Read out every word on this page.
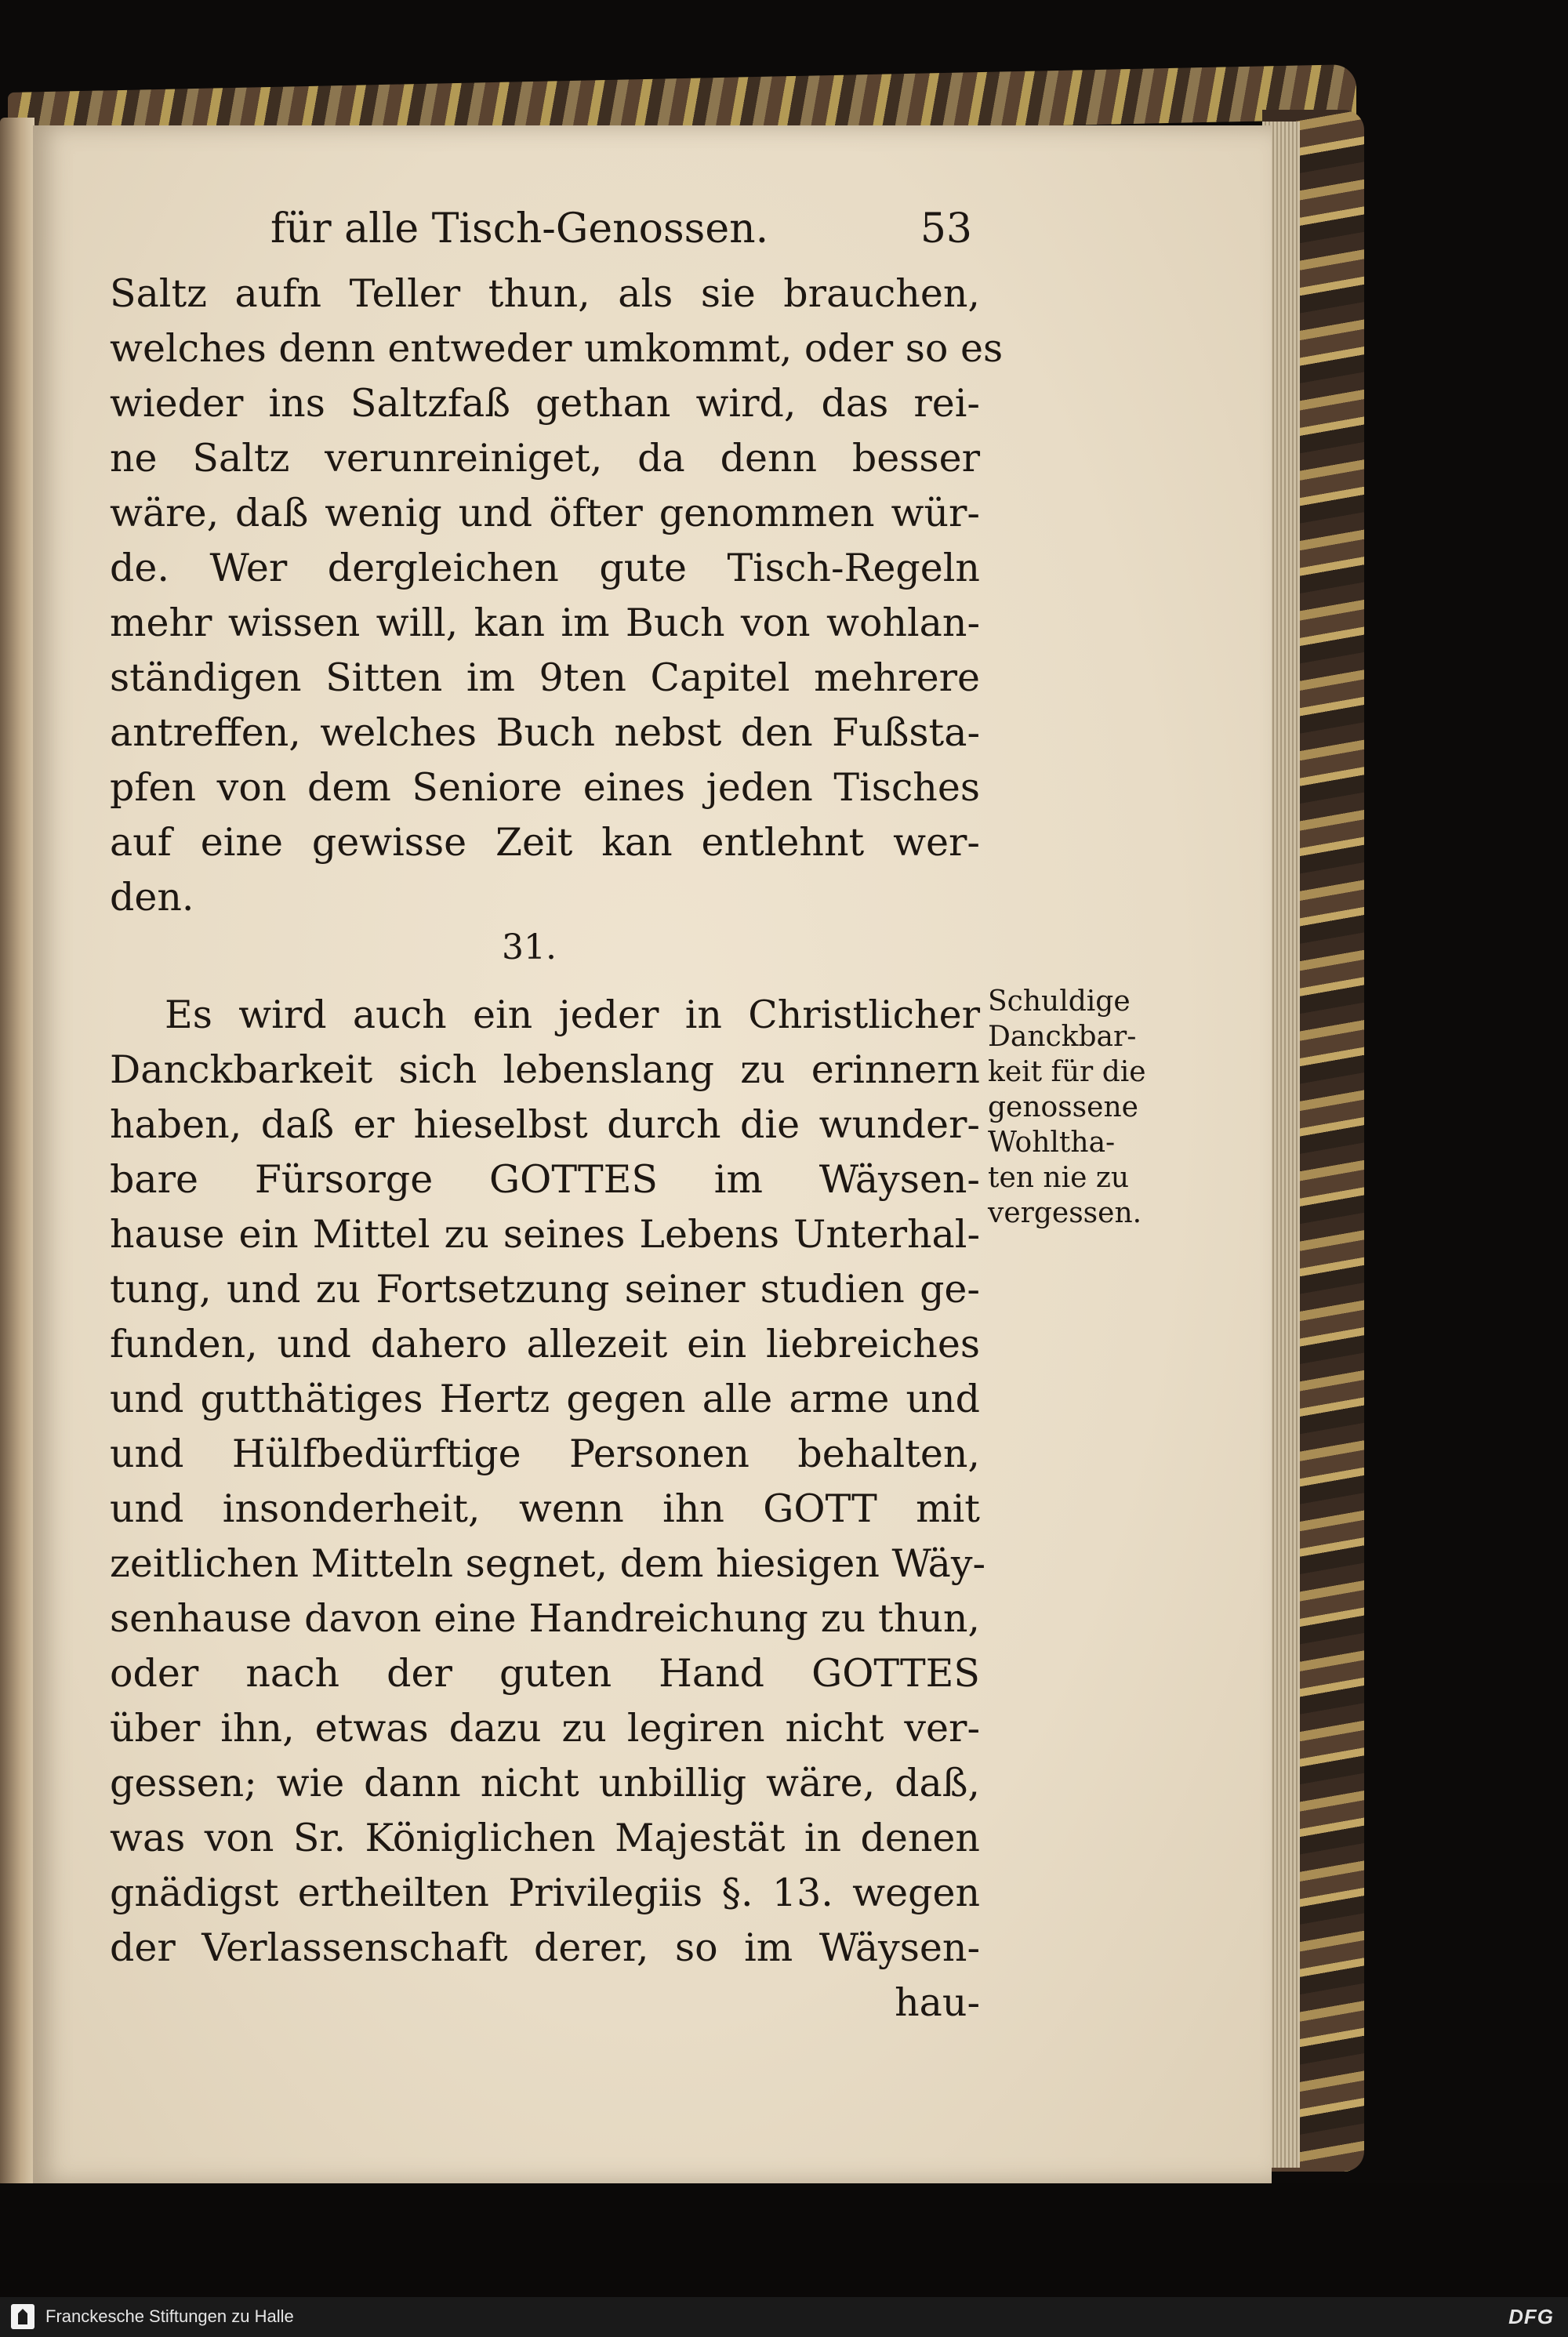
für alle Tisch-Genossen.	53
Saltz aufn Teller thun, als sie brauchen,
welches denn entweder umkommt, oder so es
wieder ins Saltzfaß gethan wird, das rei-
ne Saltz verunreiniget, da denn besser
wäre, daß wenig und öfter genommen wür-
de. Wer dergleichen gute Tisch-Regeln
mehr wissen will, kan im Buch von wohlan-
ständigen Sitten im 9ten Capitel mehrere
antreffen, welches Buch nebst den Fußsta-
pfen von dem Seniore eines jeden Tisches
auf eine gewisse Zeit kan entlehnt wer-
den.
Es wird auch ein jeder in Christlicher
Danckbarkeit sich lebenslang zu erinnern
haben, daß er hieselbst durch die wunder-
bare Fürsorge GOTTES im Wäysen-
hause ein Mittel zu seines Lebens Unterhal-
tung, und zu Fortsetzung seiner studien ge-
funden, und dahero allezeit ein liebreiches
und gutthätiges Hertz gegen alle arme und
und Hülfbedürftige Personen behalten,
und insonderheit, wenn ihn GOTT mit
zeitlichen Mitteln segnet, dem hiesigen Wäy-
senhause davon eine Handreichung zu thun,
oder nach der guten Hand GOTTES
über ihn, etwas dazu zu legiren nicht ver-
gessen; wie dann nicht unbillig wäre, daß,
was von Sr. Königlichen Majestät in denen
gnädigst ertheilten Privilegiis §. 13. wegen
der Verlassenschaft derer, so im Wäysen-
hau-
31.
Schuldige
Danckbar-
keit für die
genossene
Wohltha-
ten nie zu
vergessen.
Franckesche Stiftungen zu Halle	DFG
